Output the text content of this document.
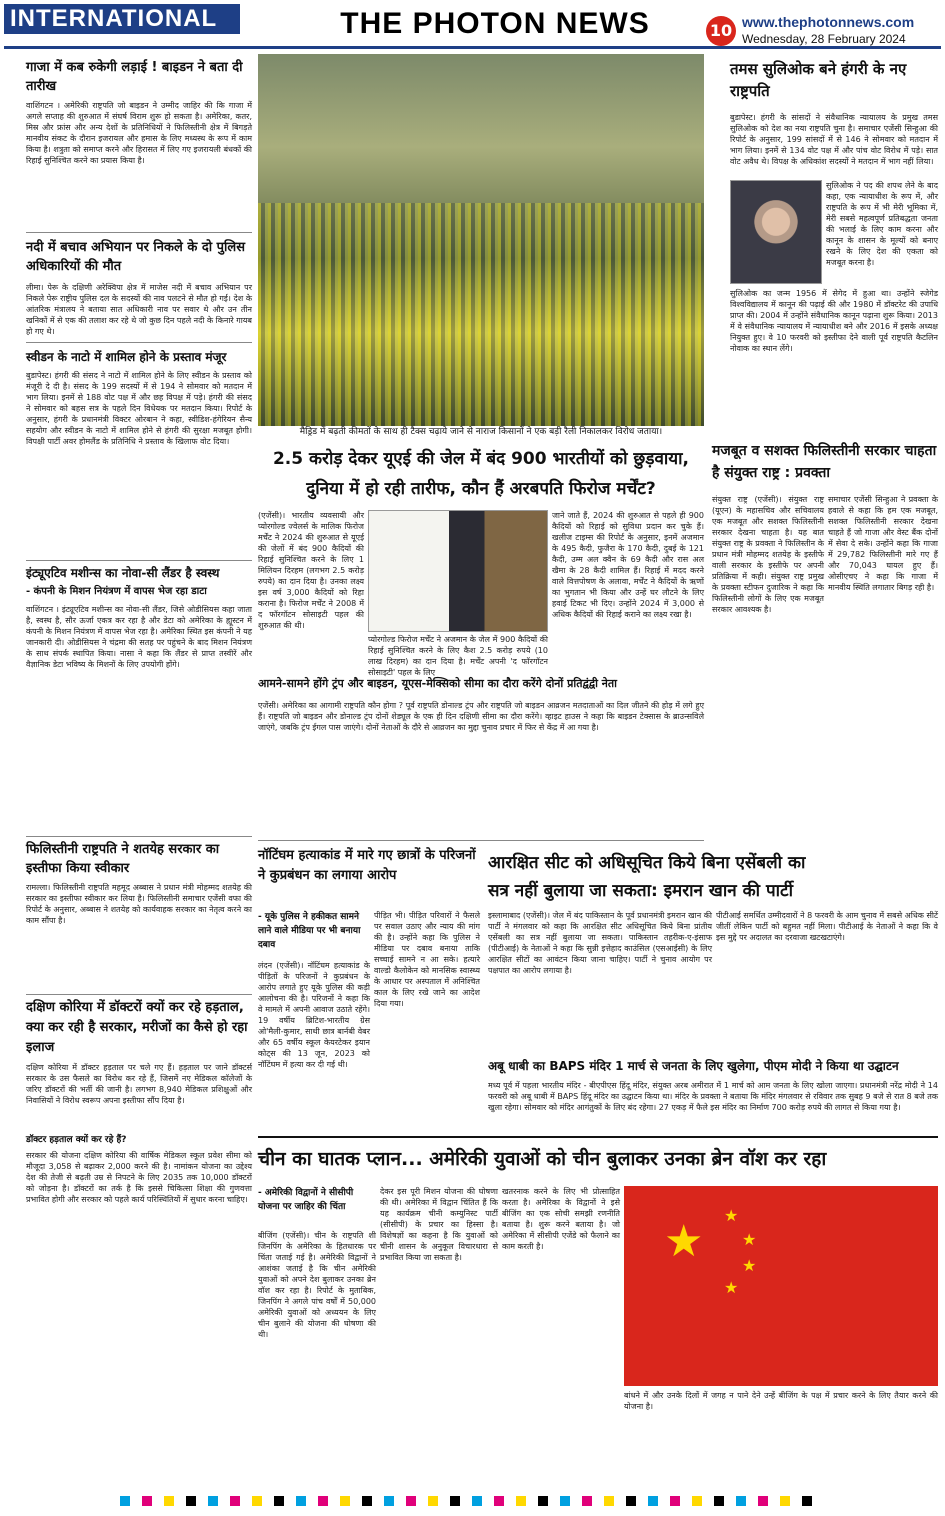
INTERNATIONAL	THE PHOTON NEWS	10 www.thephotonnews.com
Wednesday, 28 February 2024
गाजा में कब रुकेगी लड़ाई ! बाइडन ने बता दी तारीख
वाशिंगटन । अमेरिकी राष्ट्रपति जो बाइडन ने उम्मीद जाहिर की कि गाजा में अगले सप्ताह की शुरुआत में संघर्ष विराम शुरू हो सकता है। अमेरिका, कतर, मिस्र और फ्रांस और अन्य देशों के प्रतिनिधियों ने फिलिस्तीनी क्षेत्र में बिगड़ते मानवीय संकट के दौरान इजरायल और हमास के लिए मध्यस्थ के रूप में काम किया है। शत्रुता को समाप्त करने और हिरासत में लिए गए इजरायली बंधकों की रिहाई सुनिश्चित करने का प्रयास किया है।
नदी में बचाव अभियान पर निकले के दो पुलिस अधिकारियों की मौत
लीमा। पेरू के दक्षिणी अरेक्विपा क्षेत्र में माजेस नदी में बचाव अभियान पर निकले पेरू राष्ट्रीय पुलिस दल के सदस्यों की नाव पलटने से मौत हो गई। देश के आंतरिक मंत्रालय ने बताया सात अधिकारी नाव पर सवार थे और उन तीन खनिकों में से एक की तलाश कर रहे थे जो कुछ दिन पहले नदी के किनारे गायब हो गए थे।
स्वीडन के नाटो में शामिल होने के प्रस्ताव मंजूर
बुडापेस्ट। हंगरी की संसद ने नाटो में शामिल होने के लिए स्वीडन के प्रस्ताव को मंजूरी दे दी है। संसद के 199 सदस्यों में से 194 ने सोमवार को मतदान में भाग लिया। इनमें से 188 वोट पक्ष में और छह विपक्ष में पड़े। हंगरी की संसद ने सोमवार को बहस सत्र के पहले दिन विधेयक पर मतदान किया। रिपोर्ट के अनुसार, हंगरी के प्रधानमंत्री विक्टर ओरबान ने कहा, स्वीडिश-हंगेरियन सैन्य सहयोग और स्वीडन के नाटो में शामिल होने से हंगरी की सुरक्षा मजबूत होगी। विपक्षी पार्टी अवर होमलैंड के प्रतिनिधि ने प्रस्ताव के खिलाफ वोट दिया।
इंट्यूएटिव मशीन्स का नोवा-सी लैंडर है स्वस्थ
- कंपनी के मिशन नियंत्रण में वापस भेज रहा डाटा
वाशिंगटन । इंट्यूएटिव मशीन्स का नोवा-सी लैंडर, जिसे ओडीसियस कहा जाता है, स्वस्थ है, सौर ऊर्जा एकत्र कर रहा है और डेटा को अमेरिका के ह्यूस्टन में कंपनी के मिशन नियंत्रण में वापस भेज रहा है। अमेरिका स्थित इस कंपनी ने यह जानकारी दी। ओडीसियस ने चंद्रमा की सतह पर पहुंचने के बाद मिशन नियंत्रण के साथ संपर्क स्थापित किया। नासा ने कहा कि लैंडर से प्राप्त तस्वीरें और वैज्ञानिक डेटा भविष्य के मिशनों के लिए उपयोगी होंगे।
फिलिस्तीनी राष्ट्रपति ने शतयेह सरकार का इस्तीफा किया स्वीकार
रामल्ला। फिलिस्तीनी राष्ट्रपति महमूद अब्बास ने प्रधान मंत्री मोहम्मद शतयेह की सरकार का इस्तीफा स्वीकार कर लिया है। फिलिस्तीनी समाचार एजेंसी वफा की रिपोर्ट के अनुसार, अब्बास ने शतयेह को कार्यवाहक सरकार का नेतृत्व करने का काम सौंपा है।
दक्षिण कोरिया में डॉक्टरों क्यों कर रहे हड़ताल, क्या कर रही है सरकार, मरीजों का कैसे हो रहा इलाज
दक्षिण कोरिया में डॉक्टर हड़ताल पर चले गए हैं। हड़ताल पर जाने डॉक्टर्स सरकार के उस फैसले का विरोध कर रहे हैं, जिसमें नए मेडिकल कॉलेजों के जरिए डॉक्टरों की भर्ती की जानी है। लगभग 8,940 मेडिकल प्रशिक्षुओं और निवासियों ने विरोध स्वरूप अपना इस्तीफा सौंप दिया है।
डॉक्टर हड़ताल क्यों कर रहे हैं?
सरकार की योजना दक्षिण कोरिया की वार्षिक मेडिकल स्कूल प्रवेश सीमा को मौजूदा 3,058 से बढ़ाकर 2,000 करने की है। नामांकन योजना का उद्देश्य देश की तेजी से बढ़ती उम्र से निपटने के लिए 2035 तक 10,000 डॉक्टरों को जोड़ना है। डॉक्टरों का तर्क है कि इससे चिकित्सा शिक्षा की गुणवत्ता प्रभावित होगी और सरकार को पहले कार्य परिस्थितियों में सुधार करना चाहिए।
मैड्रिड में बढ़ती कीमतों के साथ ही टैक्स चढ़ाये जाने से नाराज किसानों ने एक बड़ी रैली निकालकर विरोध जताया।
तमस सुलिओक बने हंगरी के नए राष्ट्रपति
बुडापेस्ट। हंगरी के सांसदों ने संवैधानिक न्यायालय के प्रमुख तमस सुलिओक को देश का नया राष्ट्रपति चुना है। समाचार एजेंसी सिन्हुआ की रिपोर्ट के अनुसार, 199 सांसदों में से 146 ने सोमवार को मतदान में भाग लिया। इनमें से 134 वोट पक्ष में और पांच वोट विरोध में पड़े। सात वोट अवैध थे। विपक्ष के अधिकांश सदस्यों ने मतदान में भाग नहीं लिया।
सुलिओक ने पद की शपथ लेने के बाद कहा, एक न्यायाधीश के रूप में, और राष्ट्रपति के रूप में भी मेरी भूमिका में, मेरी सबसे महत्वपूर्ण प्रतिबद्धता जनता की भलाई के लिए काम करना और कानून के शासन के मूल्यों को बनाए रखने के लिए देश की एकता को मजबूत करना है।
सुलिओक का जन्म 1956 में सेगेद में हुआ था। उन्होंने स्जेगेड विश्वविद्यालय में कानून की पढ़ाई की और 1980 में डॉक्टरेट की उपाधि प्राप्त की। 2004 में उन्होंने संवैधानिक कानून पढ़ाना शुरू किया। 2013 में वे संवैधानिक न्यायालय में न्यायाधीश बने और 2016 में इसके अध्यक्ष नियुक्त हुए। वे 10 फरवरी को इस्तीफा देने वाली पूर्व राष्ट्रपति कैटलिन नोवाक का स्थान लेंगे।
2.5 करोड़ देकर यूएई की जेल में बंद 900 भारतीयों को छुड़वाया,
दुनिया में हो रही तारीफ, कौन हैं अरबपति फिरोज मर्चेंट?
(एजेंसी)। भारतीय व्यवसायी और प्योरगोल्ड ज्वेलर्स के मालिक फिरोज मर्चेंट ने 2024 की शुरुआत से यूएई की जेलों में बंद 900 कैदियों की रिहाई सुनिश्चित करने के लिए 1 मिलियन दिरहम (लगभग 2.5 करोड़ रुपये) का दान दिया है। उनका लक्ष्य इस वर्ष 3,000 कैदियों को रिहा कराना है। फिरोज मर्चेंट ने 2008 में द फॉरगॉटन सोसाइटी पहल की शुरुआत की थी।
प्योरगोल्ड फिरोज मर्चेंट ने अजमान के जेल में 900 कैदियों की रिहाई सुनिश्चित करने के लिए कैश 2.5 करोड़ रुपये (10 लाख दिरहम) का दान दिया है। मर्चेंट अपनी 'द फॉरगॉटन सोसाइटी' पहल के लिए
जाने जाते हैं, 2024 की शुरुआत से पहले ही 900 कैदियों को रिहाई को सुविधा प्रदान कर चुके हैं। खलीज टाइम्स की रिपोर्ट के अनुसार, इनमें अजमान के 495 कैदी, फुजैरा के 170 कैदी, दुबई के 121 कैदी, उम्म अल क्वैन के 69 कैदी और रास अल खैमा के 28 कैदी शामिल हैं। रिहाई में मदद करने वाले वित्तपोषण के अलावा, मर्चेंट ने कैदियों के ऋणों का भुगतान भी किया और उन्हें घर लौटने के लिए हवाई टिकट भी दिए। उन्होंने 2024 में 3,000 से अधिक कैदियों की रिहाई कराने का लक्ष्य रखा है।
मजबूत व सशक्त फिलिस्तीनी सरकार चाहता है संयुक्त राष्ट्र : प्रवक्ता
संयुक्त राष्ट्र (एजेंसी)। संयुक्त राष्ट्र (यूएन) के महासचिव और सचिवालय एक मजबूत और सशक्त फिलिस्तीनी सरकार देखना चाहता है। यह बात संयुक्त राष्ट्र के प्रवक्ता ने फिलिस्तीन के प्रधान मंत्री मोहम्मद शतयेह के इस्तीफे वाली सरकार के इस्तीफे पर अपनी प्रतिक्रिया में कही। संयुक्त राष्ट्र प्रमुख के प्रवक्ता स्टीफन दुजारिक ने कहा कि फिलिस्तीनी लोगों के लिए एक मजबूत सरकार आवश्यक है।
समाचार एजेंसी सिन्हुआ ने प्रवक्ता के हवाले से कहा कि हम एक मजबूत, सशक्त फिलिस्तीनी सरकार देखना चाहते हैं जो गाजा और वेस्ट बैंक दोनों में सेवा दे सके। उन्होंने कहा कि गाजा में 29,782 फिलिस्तीनी मारे गए हैं और 70,043 घायल हुए हैं। ओसीएचए ने कहा कि गाजा में मानवीय स्थिति लगातार बिगड़ रही है।
आमने-सामने होंगे ट्रंप और बाइडन, यूएस-मेक्सिको सीमा का दौरा करेंगे दोनों प्रतिद्वंद्वी नेता
एजेंसी। अमेरिका का आगामी राष्ट्रपति कौन होगा ? पूर्व राष्ट्रपति डोनाल्ड ट्रंप और राष्ट्रपति जो बाइडन आव्रजन मतदाताओं का दिल जीतने की होड़ में लगे हुए हैं। राष्ट्रपति जो बाइडन और डोनाल्ड ट्रंप दोनों शेड्यूल के एक ही दिन दक्षिणी सीमा का दौरा करेंगे। व्हाइट हाउस ने कहा कि बाइडन टेक्सास के ब्राउन्सविले जाएंगे, जबकि ट्रंप ईगल पास जाएंगे। दोनों नेताओं के दौरे से आव्रजन का मुद्दा चुनाव प्रचार में फिर से केंद्र में आ गया है।
नॉटिंघम हत्याकांड में मारे गए छात्रों के परिजनों ने कुप्रबंधन का लगाया आरोप
- यूके पुलिस ने हकीकत सामने लाने वाले मीडिया पर भी बनाया दबाव
लंदन (एजेंसी)। नॉटिंघम हत्याकांड के पीड़ितों के परिजनों ने कुप्रबंधन के आरोप लगाते हुए यूके पुलिस की कड़ी आलोचना की है। परिजनों ने कहा कि वे मामले में अपनी आवाज उठाते रहेंगे। 19 वर्षीय ब्रिटिश-भारतीय ग्रेस ओ'मैली-कुमार, साथी छात्र बार्नबी वेबर और 65 वर्षीय स्कूल केयरटेकर इयान कोट्स की 13 जून, 2023 को नॉटिंघम में हत्या कर दी गई थी।
पीड़ित भी। पीड़ित परिवारों ने फैसले पर सवाल उठाए और न्याय की मांग की है। उन्होंने कहा कि पुलिस ने मीडिया पर दबाव बनाया ताकि सच्चाई सामने न आ सके। हत्यारे वाल्डो कैलोकेन को मानसिक स्वास्थ्य के आधार पर अस्पताल में अनिश्चित काल के लिए रखे जाने का आदेश दिया गया।
आरक्षित सीट को अधिसूचित किये बिना एसेंबली का
सत्र नहीं बुलाया जा सकता: इमरान खान की पार्टी
इस्लामाबाद (एजेंसी)। जेल में बंद पाकिस्तान के पूर्व प्रधानमंत्री इमरान खान की पार्टी ने मंगलवार को कहा कि आरक्षित सीट अधिसूचित किये बिना प्रांतीय एसेंबली का सत्र नहीं बुलाया जा सकता। पाकिस्तान तहरीक-ए-इंसाफ (पीटीआई) के नेताओं ने कहा कि सुन्नी इत्तेहाद काउंसिल (एसआईसी) के लिए आरक्षित सीटों का आवंटन किया जाना चाहिए। पार्टी ने चुनाव आयोग पर पक्षपात का आरोप लगाया है।
पीटीआई समर्थित उम्मीदवारों ने 8 फरवरी के आम चुनाव में सबसे अधिक सीटें जीतीं लेकिन पार्टी को बहुमत नहीं मिला। पीटीआई के नेताओं ने कहा कि वे इस मुद्दे पर अदालत का दरवाजा खटखटाएंगे।
अबू धाबी का BAPS मंदिर 1 मार्च से जनता के लिए खुलेगा, पीएम मोदी ने किया था उद्घाटन
मध्य पूर्व में पहला भारतीय मंदिर - बीएपीएस हिंदू मंदिर, संयुक्त अरब अमीरात में 1 मार्च को आम जनता के लिए खोला जाएगा। प्रधानमंत्री नरेंद्र मोदी ने 14 फरवरी को अबू धाबी में BAPS हिंदू मंदिर का उद्घाटन किया था। मंदिर के प्रवक्ता ने बताया कि मंदिर मंगलवार से रविवार तक सुबह 9 बजे से रात 8 बजे तक खुला रहेगा। सोमवार को मंदिर आगंतुकों के लिए बंद रहेगा। 27 एकड़ में फैले इस मंदिर का निर्माण 700 करोड़ रुपये की लागत से किया गया है।
चीन का घातक प्लान... अमेरिकी युवाओं को चीन बुलाकर उनका ब्रेन वॉश कर रहा
- अमेरिकी विद्वानों ने सीसीपी योजना पर जाहिर की चिंता
बीजिंग (एजेंसी)। चीन के राष्ट्रपति शी जिनपिंग के अमेरिका के हितधारक पर चिंता जताई गई है। अमेरिकी विद्वानों ने आशंका जताई है कि चीन अमेरिकी युवाओं को अपने देश बुलाकर उनका ब्रेन वॉश कर रहा है। रिपोर्ट के मुताबिक, जिनपिंग ने अगले पांच वर्षों में 50,000 अमेरिकी युवाओं को अध्ययन के लिए चीन बुलाने की योजना की घोषणा की थी।
देकर इस पूरी मिशन योजना की घोषणा की थी। अमेरिका में विद्वान चिंतित हैं कि यह कार्यक्रम चीनी कम्युनिस्ट पार्टी (सीसीपी) के प्रचार का हिस्सा है। विशेषज्ञों का कहना है कि युवाओं को चीनी शासन के अनुकूल विचारधारा से प्रभावित किया जा सकता है।
खतरनाक करने के लिए भी प्रोत्साहित करता है। अमेरिका के विद्वानों ने इसे बीजिंग का एक सोची समझी रणनीति बताया है। शुरू करने बताया है। जो अमेरिका में सीसीपी एजेंडे को फैलाने का काम करती है।	★
★
★
★
★
बांधने में और उनके दिलों में जगह न पाने देने उन्हें बीजिंग के पक्ष में प्रचार करने के लिए तैयार करने की योजना है।
